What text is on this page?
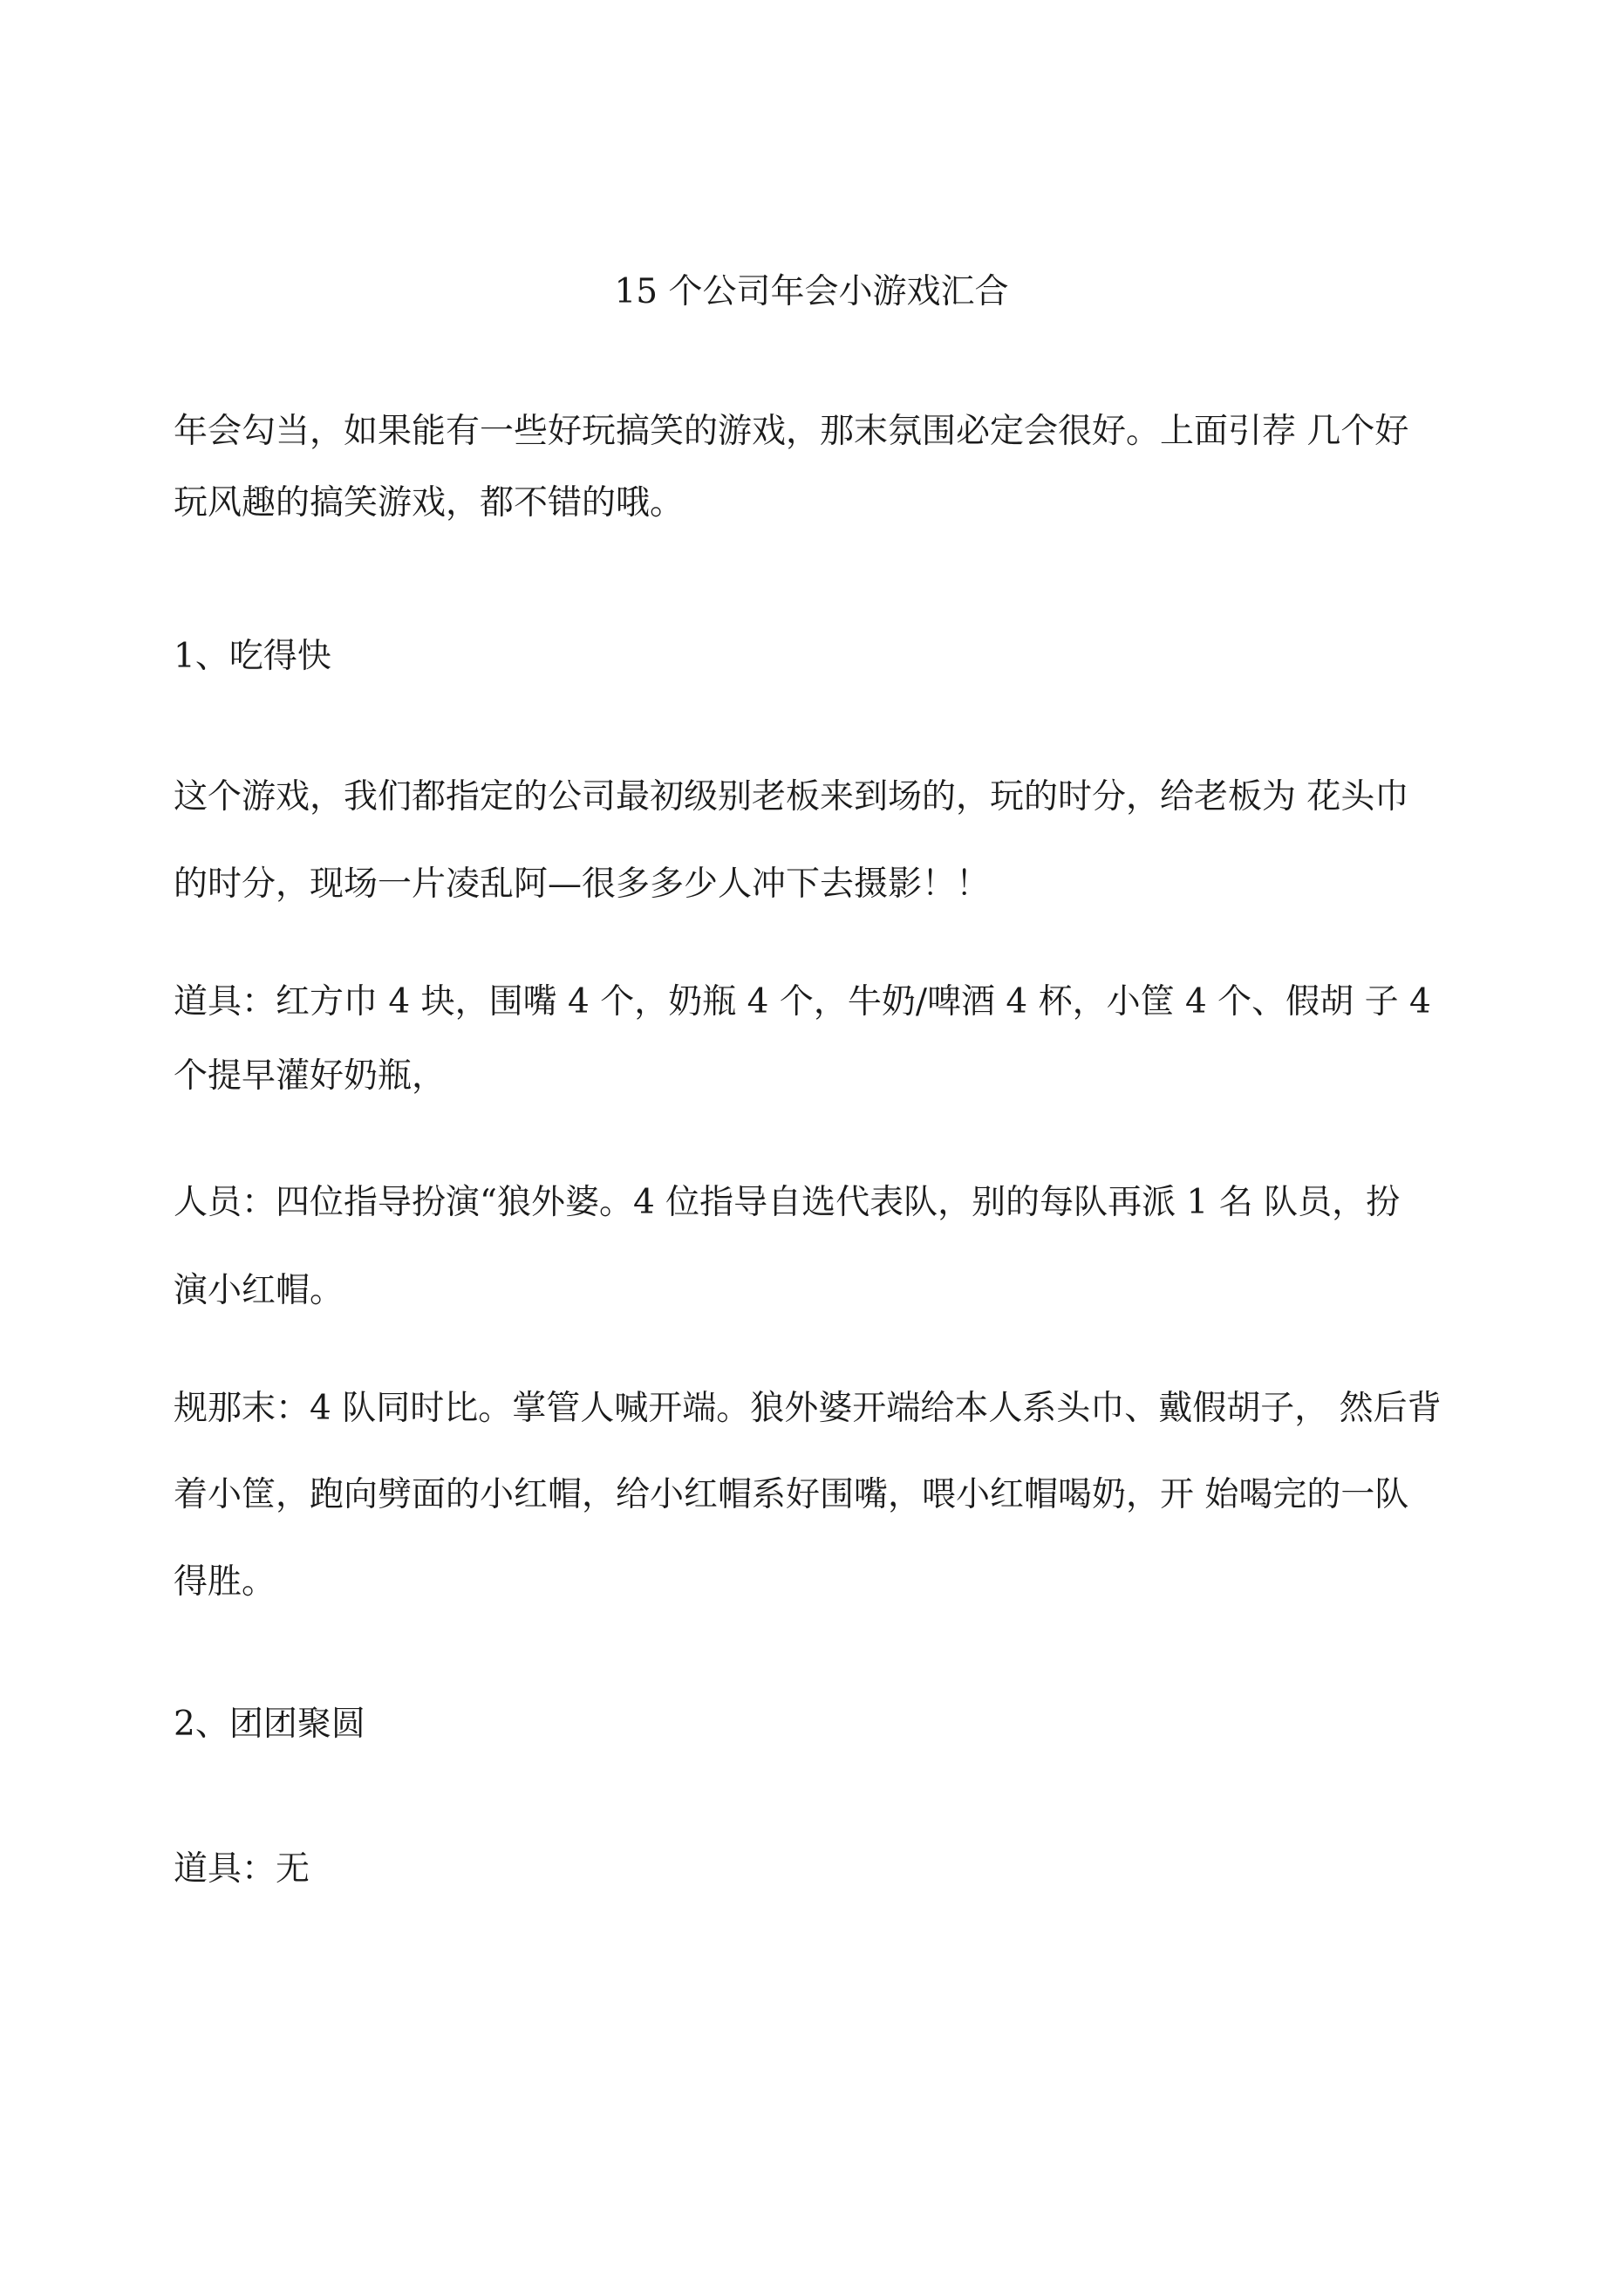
15 个公司年会小游戏汇合

年会勾当，如果能有一些好玩搞笑的游戏，那末氛围必定会很好。上面引荐 几个好

玩风趣的搞笑游戏，都不错的哦。

1、吃得快

这个游戏，我们都指定的公司最初级别老板来到场的，玩的时分，给老板为 花头巾

的时分，现场一片凌乱阿—很多多少人冲下去摄影！！

道具：红方巾 4 块，围嘴 4 个，奶瓶 4 个，牛奶/啤酒 4 杯，小筐 4 个、假胡 子 4

个提早灌好奶瓶，

人员：四位指导扮演“狼外婆。4 位指导自选代表队，别的每队再派 1 名 队员，扮

演小红帽。

规那末：4 队同时比。掌管人喊开端。狼外婆开端给本人系头巾、戴假胡子， 然后背

着小筐，跑向劈面的小红帽，给小红帽系好围嘴，喂小红帽喝奶，开 始喝完的一队

得胜。

2、团团聚圆

道具：无
